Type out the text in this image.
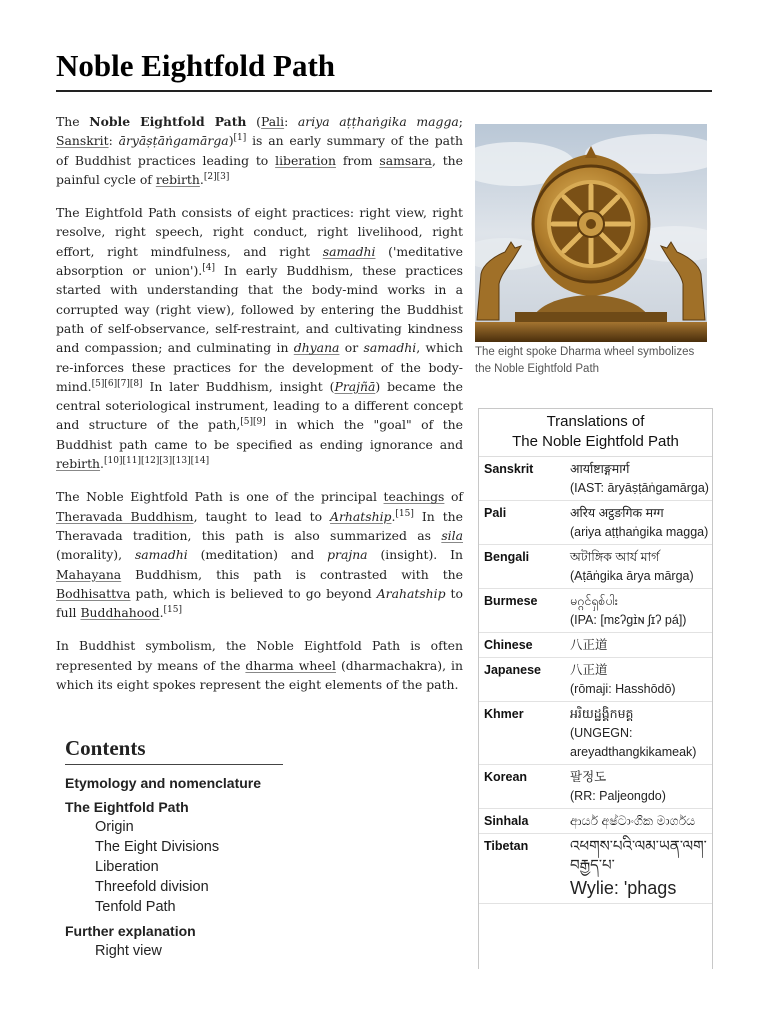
Noble Eightfold Path

The Noble Eightfold Path (Pali: ariya aṭṭhaṅgika magga; Sanskrit: āryāṣṭāṅgamārga)[1] is an early summary of the path of Buddhist practices leading to liberation from samsara, the painful cycle of rebirth.[2][3]

The Eightfold Path consists of eight practices: right view, right resolve, right speech, right conduct, right livelihood, right effort, right mindfulness, and right samadhi ('meditative absorption or union').[4] In early Buddhism, these practices started with understanding that the body-mind works in a corrupted way (right view), followed by entering the Buddhist path of self-observance, self-restraint, and cultivating kindness and compassion; and culminating in dhyana or samadhi, which re-inforces these practices for the development of the body-mind.[5][6][7][8] In later Buddhism, insight (Prajñā) became the central soteriological instrument, leading to a different concept and structure of the path,[5][9] in which the "goal" of the Buddhist path came to be specified as ending ignorance and rebirth.[10][11][12][3][13][14]

The Noble Eightfold Path is one of the principal teachings of Theravada Buddhism, taught to lead to Arhatship.[15] In the Theravada tradition, this path is also summarized as sila (morality), samadhi (meditation) and prajna (insight). In Mahayana Buddhism, this path is contrasted with the Bodhisattva path, which is believed to go beyond Arahatship to full Buddhahood.[15]

In Buddhist symbolism, the Noble Eightfold Path is often represented by means of the dharma wheel (dharmachakra), in which its eight spokes represent the eight elements of the path.

The eight spoke Dharma wheel symbolizes the Noble Eightfold Path
Translations of
The Noble Eightfold Path
Sanskrit	आर्याष्टाङ्गमार्ग
(IAST: āryāṣṭāṅgamārga)
Pali	अरिय अट्ठङगिक मग्ग
(ariya aṭṭhaṅgika magga)
Bengali	অটাঙ্গিক আর্য মার্গ
(Aṭāṅgika ārya mārga)
Burmese	မဂ္ဂင်ရှစ်ပါး
(IPA: [mɛʔɡɪ̀ɴ ʃɪʔ pá])
Chinese	八正道
Japanese	八正道
(rōmaji: Hasshōdō)
Khmer	អរិយដ្ឋង្គិកមគ្គ
(UNGEGN: areyadthangkikameak)
Korean	팔정도
(RR: Paljeongdo)
Sinhala	ආර්ය අෂ්ටාංගික මාර්ගය
Tibetan	འཕགས་པའི་ལམ་ཡན་ལག་བརྒྱད་པ་
Wylie: 'phags
Contents
Etymology and nomenclature
The Eightfold Path
Origin
The Eight Divisions
Liberation
Threefold division
Tenfold Path
Further explanation
Right view
